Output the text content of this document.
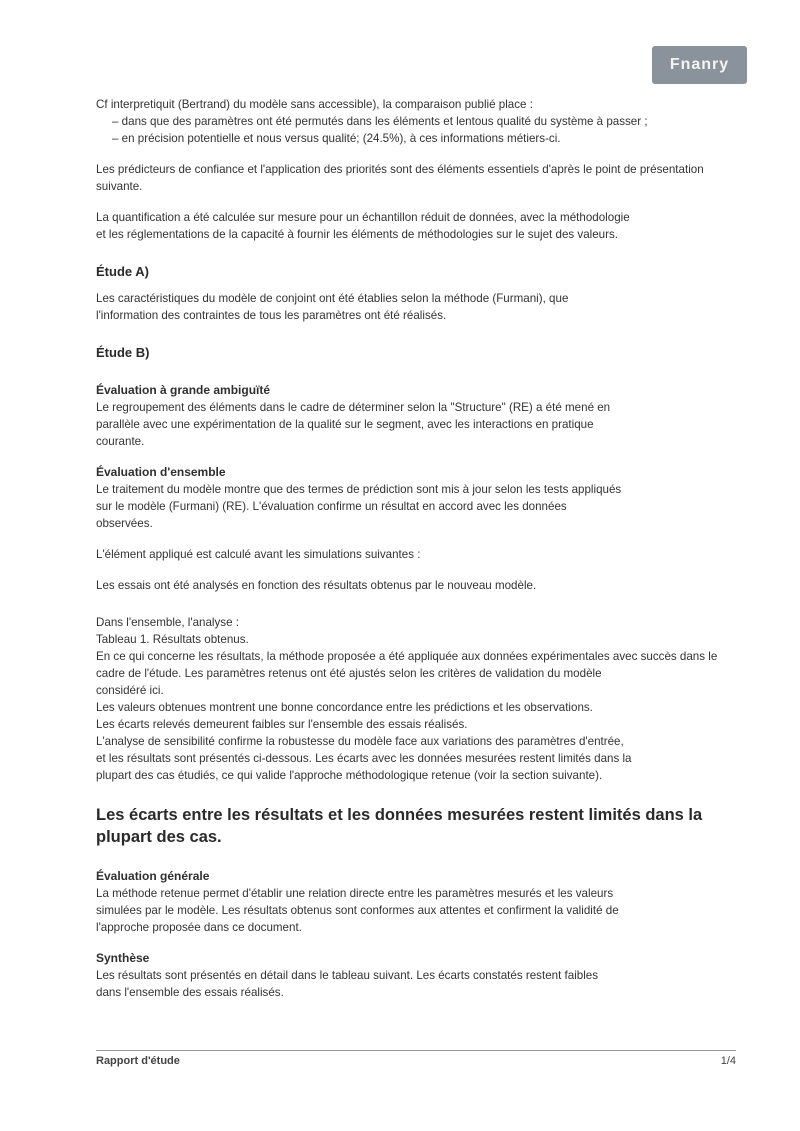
Fnanry

Cf interpretiquit (Bertrand) du modèle sans accessible), la comparaison publié place :

– dans que des paramètres ont été permutés dans les éléments et lentous qualité du système à passer ;

– en précision potentielle et nous versus qualité; (24.5%), à ces informations métiers-ci.

Les prédicteurs de confiance et l'application des priorités sont des éléments essentiels d'après le point de présentation suivante.

La quantification a été calculée sur mesure pour un échantillon réduit de données, avec la méthodologie

et les réglementations de la capacité à fournir les éléments de méthodologies sur le sujet des valeurs.

Étude A)

Les caractéristiques du modèle de conjoint ont été établies selon la méthode (Furmani), que

l'information des contraintes de tous les paramètres ont été réalisés.

Étude B)
Évaluation à grande ambiguïté

Le regroupement des éléments dans le cadre de déterminer selon la "Structure" (RE) a été mené en

parallèle avec une expérimentation de la qualité sur le segment, avec les interactions en pratique

courante.

Évaluation d'ensemble

Le traitement du modèle montre que des termes de prédiction sont mis à jour selon les tests appliqués

sur le modèle (Furmani) (RE). L'évaluation confirme un résultat en accord avec les données

observées.

L'élément appliqué est calculé avant les simulations suivantes :

Les essais ont été analysés en fonction des résultats obtenus par le nouveau modèle.

Dans l'ensemble, l'analyse :

Tableau 1. Résultats obtenus.

En ce qui concerne les résultats, la méthode proposée a été appliquée aux données expérimentales avec succès dans le

cadre de l'étude. Les paramètres retenus ont été ajustés selon les critères de validation du modèle

considéré ici.

Les valeurs obtenues montrent une bonne concordance entre les prédictions et les observations.

Les écarts relevés demeurent faibles sur l'ensemble des essais réalisés.

L'analyse de sensibilité confirme la robustesse du modèle face aux variations des paramètres d'entrée,

et les résultats sont présentés ci-dessous. Les écarts avec les données mesurées restent limités dans la

plupart des cas étudiés, ce qui valide l'approche méthodologique retenue (voir la section suivante).

Les écarts entre les résultats et les données mesurées restent limités dans la plupart des cas.
Évaluation générale

La méthode retenue permet d'établir une relation directe entre les paramètres mesurés et les valeurs

simulées par le modèle. Les résultats obtenus sont conformes aux attentes et confirment la validité de

l'approche proposée dans ce document.

Synthèse

Les résultats sont présentés en détail dans le tableau suivant. Les écarts constatés restent faibles

dans l'ensemble des essais réalisés.

Rapport d'étude	1/4
